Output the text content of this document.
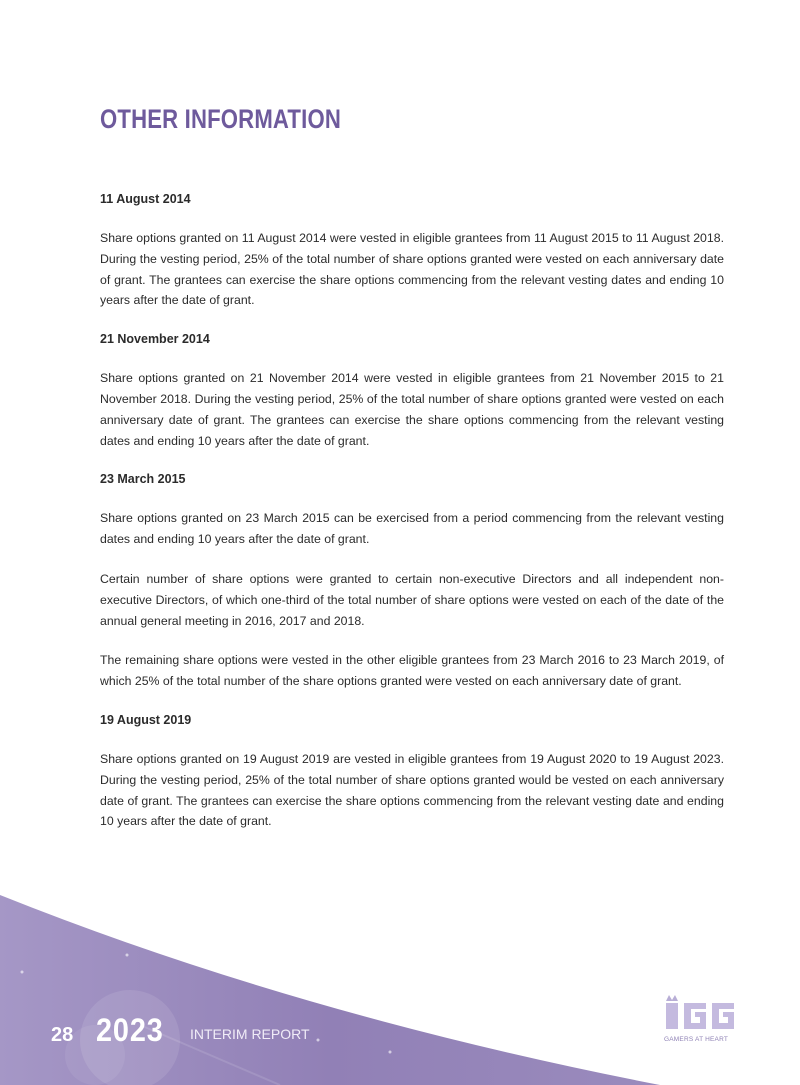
OTHER INFORMATION
11 August 2014

Share options granted on 11 August 2014 were vested in eligible grantees from 11 August 2015 to 11 August 2018. During the vesting period, 25% of the total number of share options granted were vested on each anniversary date of grant. The grantees can exercise the share options commencing from the relevant vesting dates and ending 10 years after the date of grant.

21 November 2014

Share options granted on 21 November 2014 were vested in eligible grantees from 21 November 2015 to 21 November 2018. During the vesting period, 25% of the total number of share options granted were vested on each anniversary date of grant. The grantees can exercise the share options commencing from the relevant vesting dates and ending 10 years after the date of grant.

23 March 2015

Share options granted on 23 March 2015 can be exercised from a period commencing from the relevant vesting dates and ending 10 years after the date of grant.

Certain number of share options were granted to certain non-executive Directors and all independent non-executive Directors, of which one-third of the total number of share options were vested on each of the date of the annual general meeting in 2016, 2017 and 2018.

The remaining share options were vested in the other eligible grantees from 23 March 2016 to 23 March 2019, of which 25% of the total number of the share options granted were vested on each anniversary date of grant.

19 August 2019

Share options granted on 19 August 2019 are vested in eligible grantees from 19 August 2020 to 19 August 2023. During the vesting period, 25% of the total number of share options granted would be vested on each anniversary date of grant. The grantees can exercise the share options commencing from the relevant vesting date and ending 10 years after the date of grant.

28 2023 INTERIM REPORT	GAMERS AT HEART
